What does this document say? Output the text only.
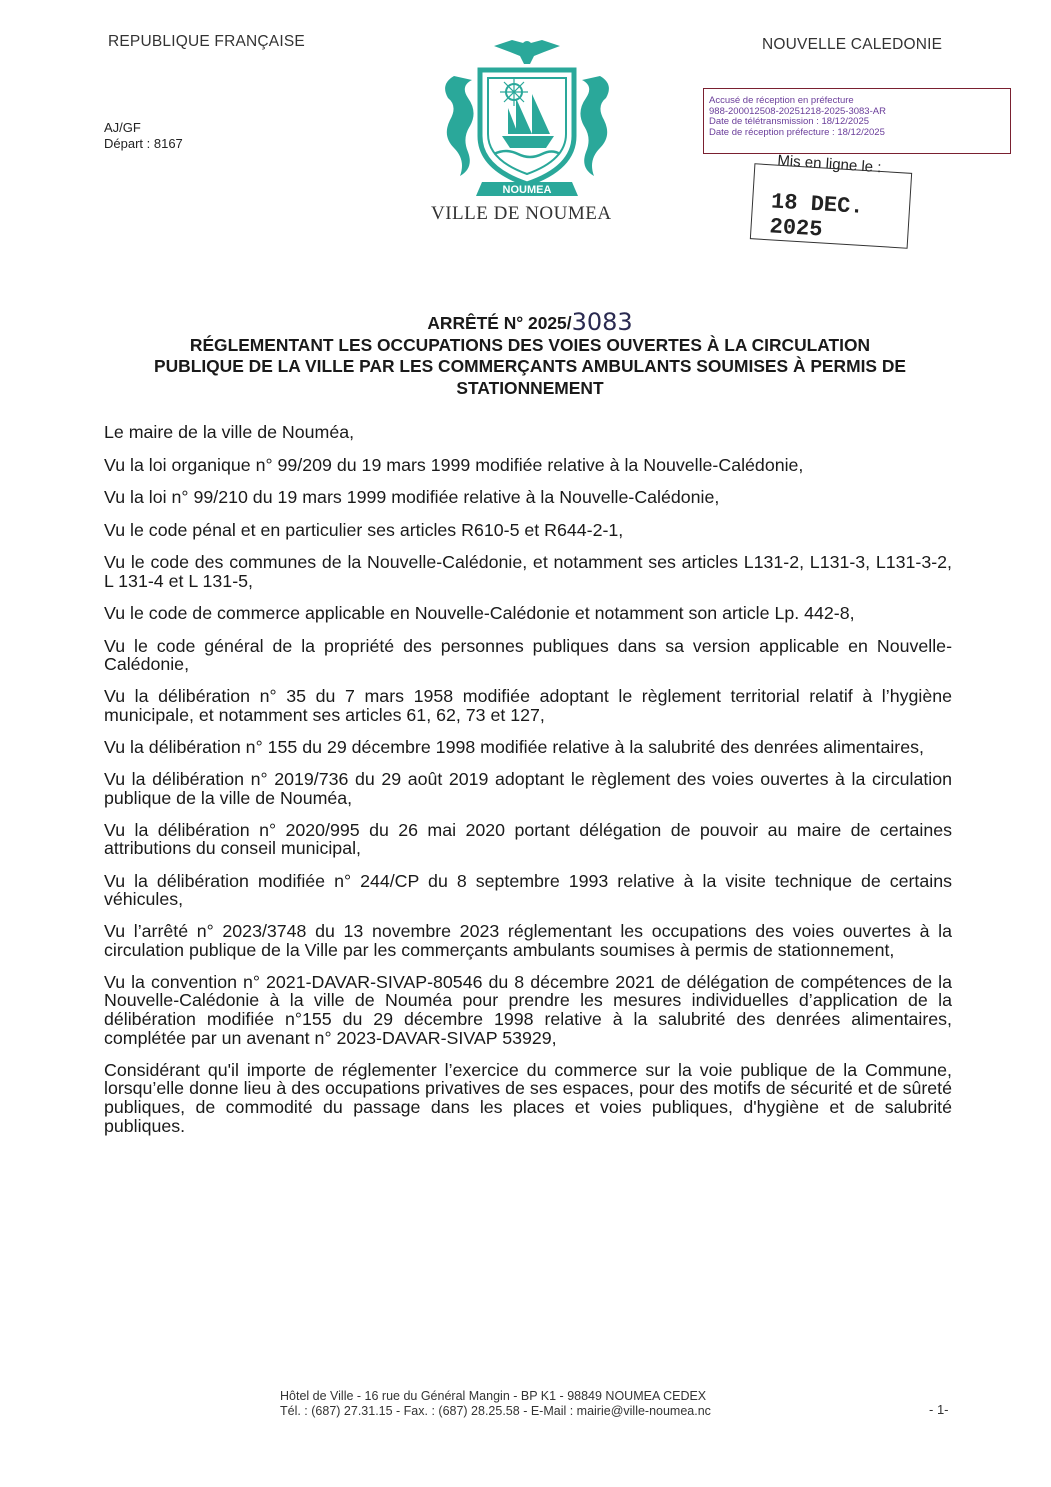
REPUBLIQUE FRANÇAISE	NOUVELLE CALEDONIE
AJ/GF
Départ : 8167
NOUMEA
VILLE DE NOUMEA
Accusé de réception en préfecture
988-200012508-20251218-2025-3083-AR
Date de télétransmission : 18/12/2025
Date de réception préfecture : 18/12/2025
Mis en ligne le :
18 DEC. 2025
ARRÊTÉ N° 2025/3083
RÉGLEMENTANT LES OCCUPATIONS DES VOIES OUVERTES À LA CIRCULATION
PUBLIQUE DE LA VILLE PAR LES COMMERÇANTS AMBULANTS SOUMISES À PERMIS DE
STATIONNEMENT

Le maire de la ville de Nouméa,

Vu la loi organique n° 99/209 du 19 mars 1999 modifiée relative à la Nouvelle-Calédonie,

Vu la loi n° 99/210 du 19 mars 1999 modifiée relative à la Nouvelle-Calédonie,

Vu le code pénal et en particulier ses articles R610-5 et R644-2-1,

Vu le code des communes de la Nouvelle-Calédonie, et notamment ses articles L131-2, L131-3, L131-3-2, L 131-4 et L 131-5,

Vu le code de commerce applicable en Nouvelle-Calédonie et notamment son article Lp. 442-8,

Vu le code général de la propriété des personnes publiques dans sa version applicable en Nouvelle-Calédonie,

Vu la délibération n° 35 du 7 mars 1958 modifiée adoptant le règlement territorial relatif à l’hygiène municipale, et notamment ses articles 61, 62, 73 et 127,

Vu la délibération n° 155 du 29 décembre 1998 modifiée relative à la salubrité des denrées alimentaires,

Vu la délibération n° 2019/736 du 29 août 2019 adoptant le règlement des voies ouvertes à la circulation publique de la ville de Nouméa,

Vu la délibération n° 2020/995 du 26 mai 2020 portant délégation de pouvoir au maire de certaines attributions du conseil municipal,

Vu la délibération modifiée n° 244/CP du 8 septembre 1993 relative à la visite technique de certains véhicules,

Vu l’arrêté n° 2023/3748 du 13 novembre 2023 réglementant les occupations des voies ouvertes à la circulation publique de la Ville par les commerçants ambulants soumises à permis de stationnement,

Vu la convention n° 2021-DAVAR-SIVAP-80546 du 8 décembre 2021 de délégation de compétences de la Nouvelle-Calédonie à la ville de Nouméa pour prendre les mesures individuelles d’application de la délibération modifiée n°155 du 29 décembre 1998 relative à la salubrité des denrées alimentaires, complétée par un avenant n° 2023-DAVAR-SIVAP 53929,

Considérant qu'il importe de réglementer l’exercice du commerce sur la voie publique de la Commune, lorsqu’elle donne lieu à des occupations privatives de ses espaces, pour des motifs de sécurité et de sûreté publiques, de commodité du passage dans les places et voies publiques, d'hygiène et de salubrité publiques.

Hôtel de Ville - 16 rue du Général Mangin - BP K1 - 98849 NOUMEA CEDEX
Tél. : (687) 27.31.15 - Fax. : (687) 28.25.58 - E-Mail : mairie@ville-noumea.nc	- 1-
